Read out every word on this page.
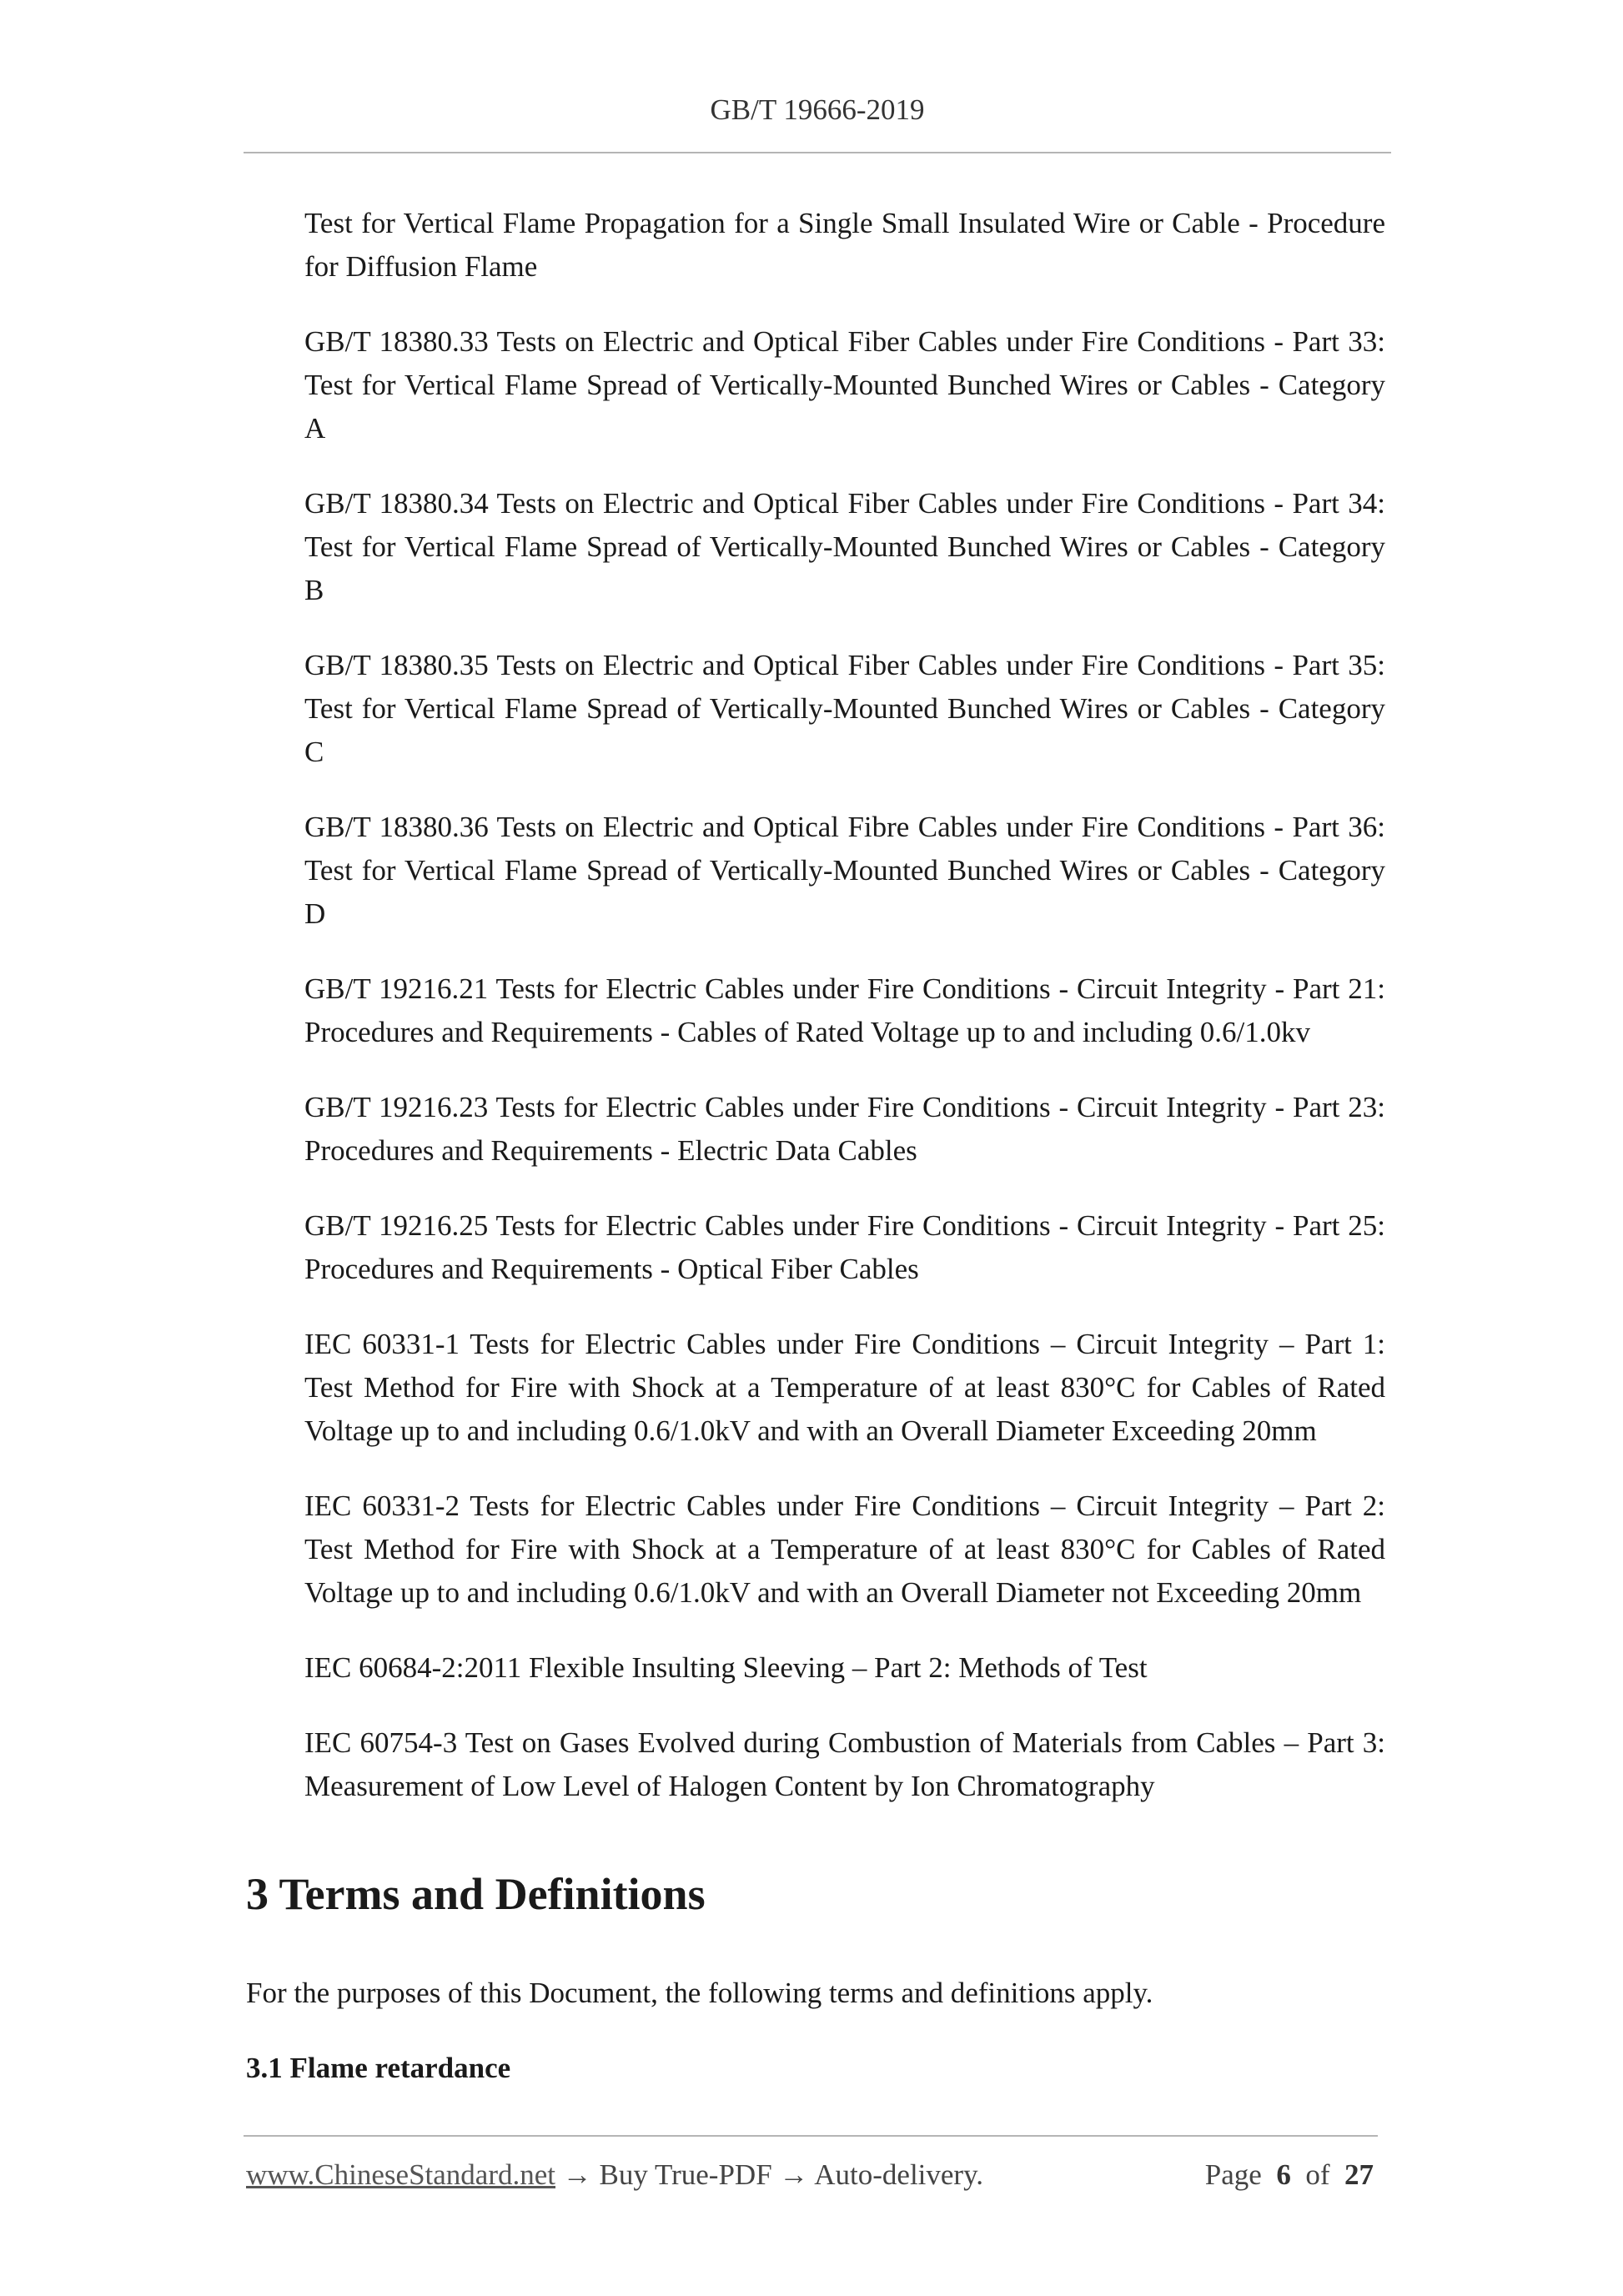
GB/T 19666-2019

Test for Vertical Flame Propagation for a Single Small Insulated Wire or Cable - Procedure for Diffusion Flame

GB/T 18380.33 Tests on Electric and Optical Fiber Cables under Fire Conditions - Part 33: Test for Vertical Flame Spread of Vertically-Mounted Bunched Wires or Cables - Category A

GB/T 18380.34 Tests on Electric and Optical Fiber Cables under Fire Conditions - Part 34: Test for Vertical Flame Spread of Vertically-Mounted Bunched Wires or Cables - Category B

GB/T 18380.35 Tests on Electric and Optical Fiber Cables under Fire Conditions - Part 35: Test for Vertical Flame Spread of Vertically-Mounted Bunched Wires or Cables - Category C

GB/T 18380.36 Tests on Electric and Optical Fibre Cables under Fire Conditions - Part 36: Test for Vertical Flame Spread of Vertically-Mounted Bunched Wires or Cables - Category D

GB/T 19216.21 Tests for Electric Cables under Fire Conditions - Circuit Integrity - Part 21: Procedures and Requirements - Cables of Rated Voltage up to and including 0.6/1.0kv

GB/T 19216.23 Tests for Electric Cables under Fire Conditions - Circuit Integrity - Part 23: Procedures and Requirements - Electric Data Cables

GB/T 19216.25 Tests for Electric Cables under Fire Conditions - Circuit Integrity - Part 25: Procedures and Requirements - Optical Fiber Cables

IEC 60331-1 Tests for Electric Cables under Fire Conditions – Circuit Integrity – Part 1: Test Method for Fire with Shock at a Temperature of at least 830°C for Cables of Rated Voltage up to and including 0.6/1.0kV and with an Overall Diameter Exceeding 20mm

IEC 60331-2 Tests for Electric Cables under Fire Conditions – Circuit Integrity – Part 2: Test Method for Fire with Shock at a Temperature of at least 830°C for Cables of Rated Voltage up to and including 0.6/1.0kV and with an Overall Diameter not Exceeding 20mm

IEC 60684-2:2011 Flexible Insulting Sleeving – Part 2: Methods of Test

IEC 60754-3 Test on Gases Evolved during Combustion of Materials from Cables – Part 3: Measurement of Low Level of Halogen Content by Ion Chromatography

3 Terms and Definitions

For the purposes of this Document, the following terms and definitions apply.

3.1 Flame retardance

www.ChineseStandard.net → Buy True-PDF → Auto-delivery.	Page 6 of 27
